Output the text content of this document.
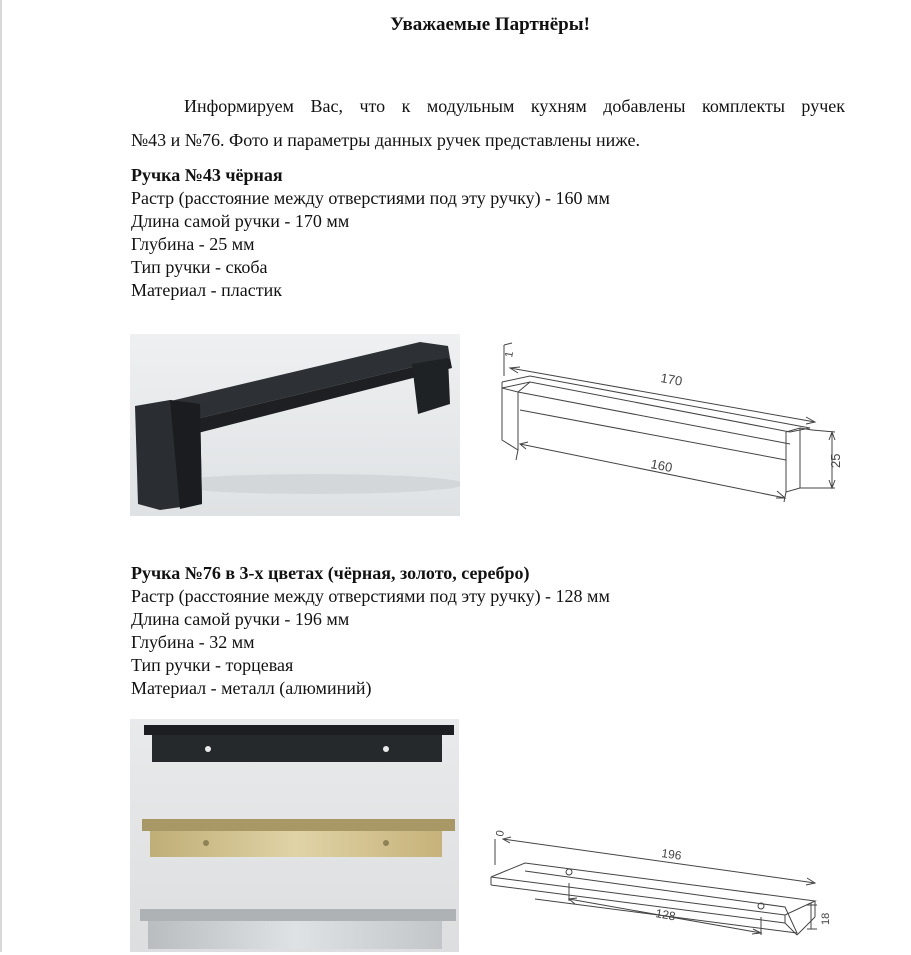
Уважаемые Партнёры!
Информируем Вас, что к модульным кухням добавлены комплекты ручек
№43 и №76. Фото и параметры данных ручек представлены ниже.
Ручка №43 чёрная
Растр (расстояние между отверстиями под эту ручку) - 160 мм
Длина самой ручки - 170 мм
Глубина - 25 мм
Тип ручки - скоба
Материал - пластик
170
160	25
1
Ручка №76 в 3-х цветах (чёрная, золото, серебро)
Растр (расстояние между отверстиями под эту ручку) - 128 мм
Длина самой ручки - 196 мм
Глубина - 32 мм
Тип ручки - торцевая
Материал - металл (алюминий)
196
128	18
0
